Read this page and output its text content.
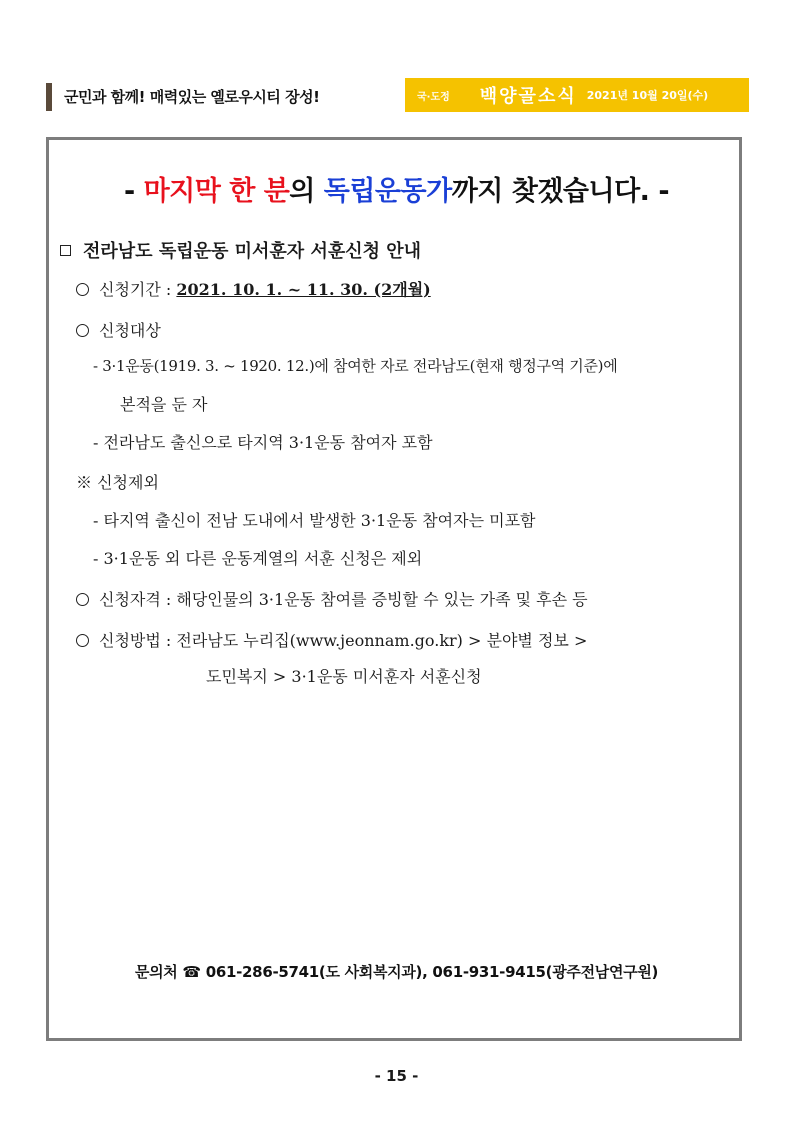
군민과 함께! 매력있는 옐로우시티 장성!	국·도정 백양골소식 2021년 10월 20일(수)
- 마지막 한 분의 독립운동가까지 찾겠습니다. -
전라남도 독립운동 미서훈자 서훈신청 안내
신청기간 : 2021. 10. 1. ~ 11. 30. (2개월)
신청대상
- 3·1운동(1919. 3. ~ 1920. 12.)에 참여한 자로 전라남도(현재 행정구역 기준)에
본적을 둔 자
- 전라남도 출신으로 타지역 3·1운동 참여자 포함
※ 신청제외
- 타지역 출신이 전남 도내에서 발생한 3·1운동 참여자는 미포함
- 3·1운동 외 다른 운동계열의 서훈 신청은 제외
신청자격 : 해당인물의 3·1운동 참여를 증빙할 수 있는 가족 및 후손 등
신청방법 : 전라남도 누리집(www.jeonnam.go.kr) > 분야별 정보 >
도민복지 > 3·1운동 미서훈자 서훈신청
문의처 ☎ 061-286-5741(도 사회복지과), 061-931-9415(광주전남연구원)
- 15 -
